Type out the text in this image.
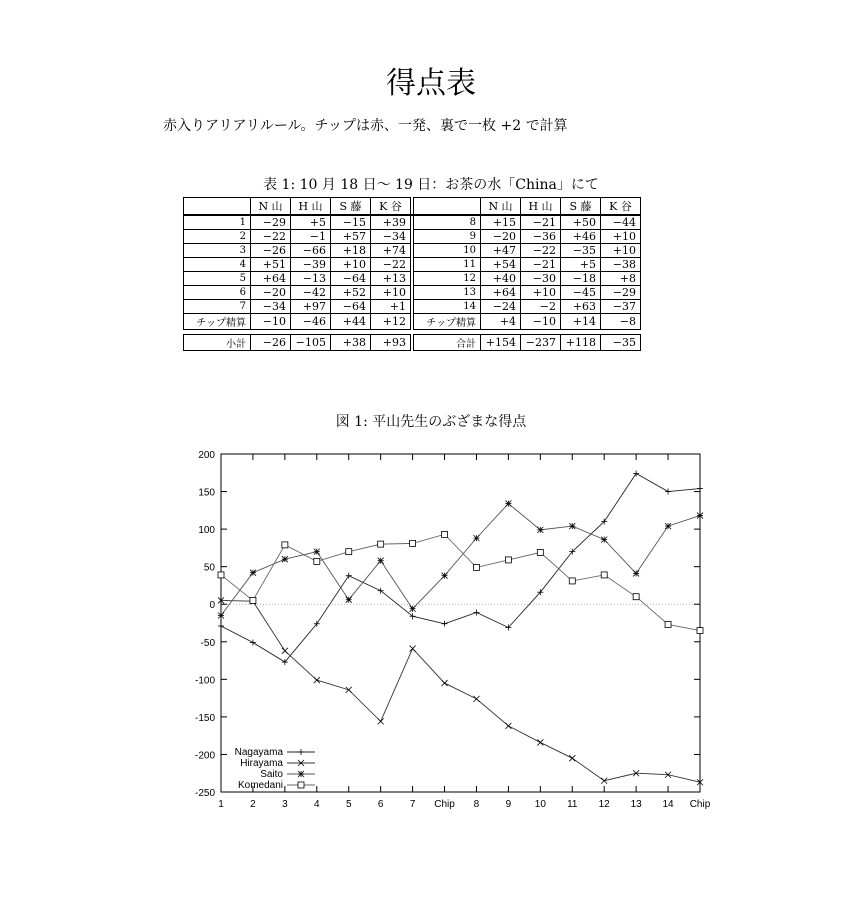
得点表
赤入りアリアリルール。チップは赤、一発、裏で一枚 +2 で計算
表 1: 10 月 18 日～ 19 日：お茶の水「China」にて
	N 山	H 山	S 藤	K 谷			N 山	H 山	S 藤	K 谷
1	−29	+5	−15	+39		8	+15	−21	+50	−44
2	−22	−1	+57	−34		9	−20	−36	+46	+10
3	−26	−66	+18	+74		10	+47	−22	−35	+10
4	+51	−39	+10	−22		11	+54	−21	+5	−38
5	+64	−13	−64	+13		12	+40	−30	−18	+8
6	−20	−42	+52	+10		13	+64	+10	−45	−29
7	−34	+97	−64	+1		14	−24	−2	+63	−37
チップ精算	−10	−46	+44	+12		チップ精算	+4	−10	+14	−8

小計	−26	−105	+38	+93		合計	+154	−237	+118	−35
図 1: 平山先生のぶざまな得点
-250
-200
-150
-100
-50
0
50
100
150
200
1	2	3	4	5	6	7 Chip 8	9 10 11 12 13 14 Chip
Nagayama
Hirayama
Saito
Komedani
